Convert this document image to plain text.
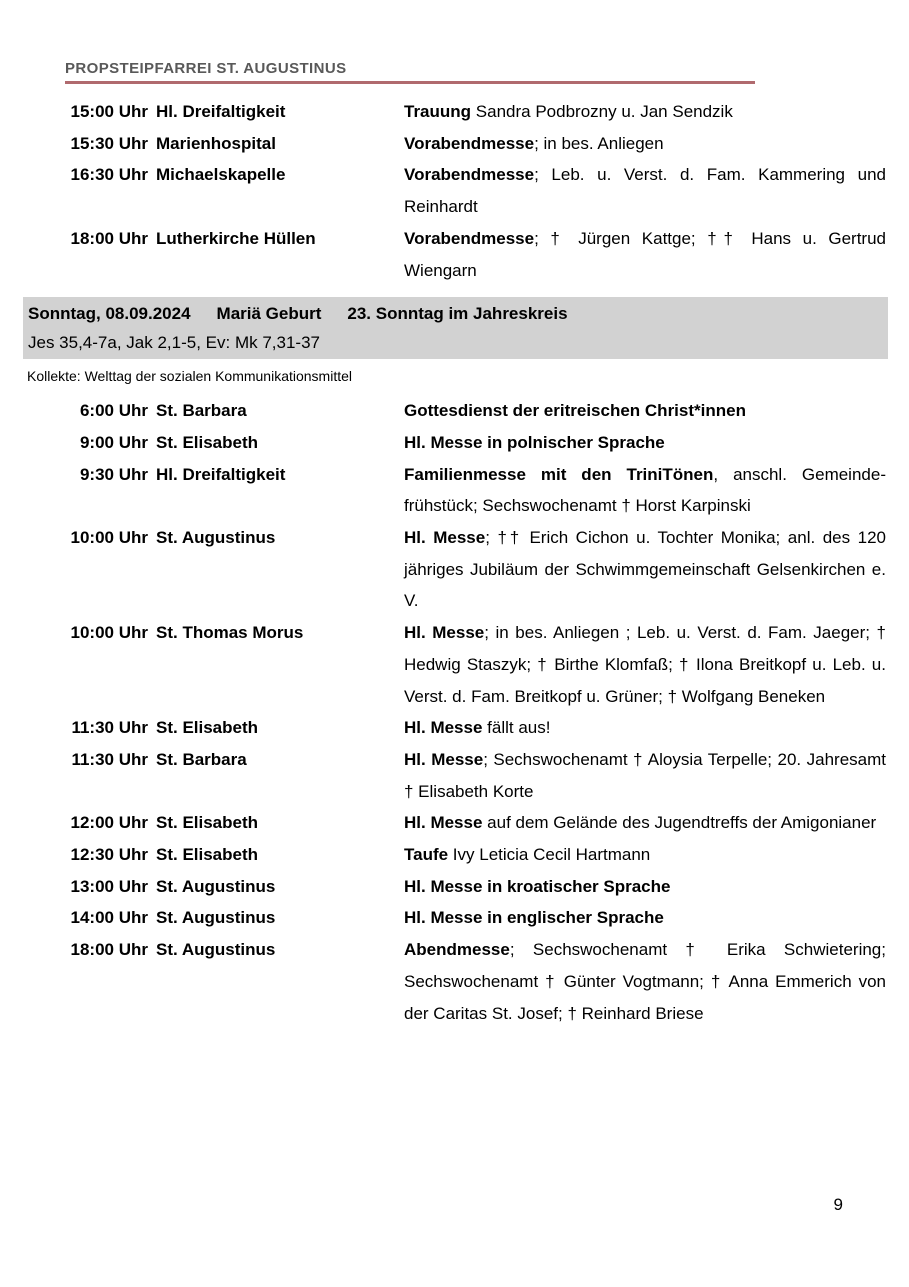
PROPSTEIPFARREI ST. AUGUSTINUS
15:00 Uhr Hl. Dreifaltigkeit	Trauung Sandra Podbrozny u. Jan Sendzik
15:30 Uhr Marienhospital	Vorabendmesse; in bes. Anliegen
16:30 Uhr Michaelskapelle	Vorabendmesse; Leb. u. Verst. d. Fam. Kammering und Reinhardt
18:00 Uhr Lutherkirche Hüllen	Vorabendmesse; † Jürgen Kattge; †† Hans u. Gertrud Wiengarn
Sonntag, 08.09.2024 Mariä Geburt 23. Sonntag im Jahreskreis
Jes 35,4-7a, Jak 2,1-5, Ev: Mk 7,31-37
Kollekte: Welttag der sozialen Kommunikationsmittel
6:00 Uhr St. Barbara	Gottesdienst der eritreischen Christ*innen
9:00 Uhr St. Elisabeth	Hl. Messe in polnischer Sprache
9:30 Uhr Hl. Dreifaltigkeit	Familienmesse mit den TriniTönen, anschl. Gemeindefrühstück; Sechswochenamt † Horst Karpinski
10:00 Uhr St. Augustinus	Hl. Messe; †† Erich Cichon u. Tochter Monika; anl. des 120 jähriges Jubiläum der Schwimmgemeinschaft Gelsenkirchen e. V.
10:00 Uhr St. Thomas Morus	Hl. Messe; in bes. Anliegen ; Leb. u. Verst. d. Fam. Jaeger; † Hedwig Staszyk; † Birthe Klomfaß; † Ilona Breitkopf u. Leb. u. Verst. d. Fam. Breitkopf u. Grüner; † Wolfgang Beneken
11:30 Uhr St. Elisabeth	Hl. Messe fällt aus!
11:30 Uhr St. Barbara	Hl. Messe; Sechswochenamt † Aloysia Terpelle; 20. Jahresamt † Elisabeth Korte
12:00 Uhr St. Elisabeth	Hl. Messe auf dem Gelände des Jugendtreffs der Amigonianer
12:30 Uhr St. Elisabeth	Taufe Ivy Leticia Cecil Hartmann
13:00 Uhr St. Augustinus	Hl. Messe in kroatischer Sprache
14:00 Uhr St. Augustinus	Hl. Messe in englischer Sprache
18:00 Uhr St. Augustinus	Abendmesse; Sechswochenamt † Erika Schwietering; Sechswochenamt † Günter Vogtmann; † Anna Emmerich von der Caritas St. Josef; † Reinhard Briese
9
